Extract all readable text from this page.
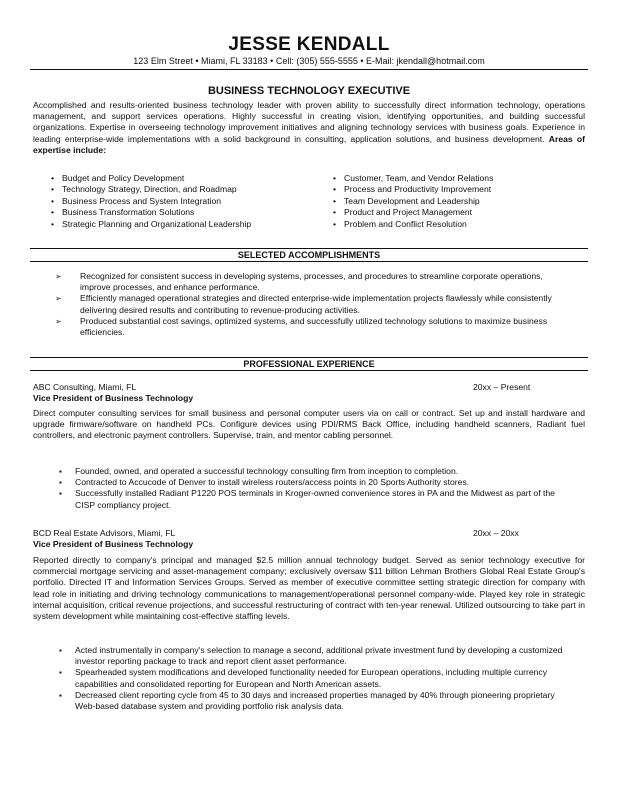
JESSE KENDALL
123 Elm Street • Miami, FL 33183 • Cell: (305) 555-5555 • E-Mail: jkendall@hotmail.com
BUSINESS TECHNOLOGY EXECUTIVE
Accomplished and results-oriented business technology leader with proven ability to successfully direct information technology, operations management, and support services operations. Highly successful in creating vision, identifying opportunities, and building successful organizations. Expertise in overseeing technology improvement initiatives and aligning technology services with business goals. Experience in leading enterprise-wide implementations with a solid background in consulting, application solutions, and business development. Areas of expertise include:
• Budget and Policy Development
• Technology Strategy, Direction, and Roadmap
• Business Process and System Integration
• Business Transformation Solutions
• Strategic Planning and Organizational Leadership
• Customer, Team, and Vendor Relations
• Process and Productivity Improvement
• Team Development and Leadership
• Product and Project Management
• Problem and Conflict Resolution
SELECTED ACCOMPLISHMENTS
➢ Recognized for consistent success in developing systems, processes, and procedures to streamline corporate operations, improve processes, and enhance performance.
➢ Efficiently managed operational strategies and directed enterprise-wide implementation projects flawlessly while consistently delivering desired results and contributing to revenue-producing activities.
➢ Produced substantial cost savings, optimized systems, and successfully utilized technology solutions to maximize business efficiencies.
PROFESSIONAL EXPERIENCE
ABC Consulting, Miami, FL	20xx – Present
Vice President of Business Technology
Direct computer consulting services for small business and personal computer users via on call or contract. Set up and install hardware and upgrade firmware/software on handheld PCs. Configure devices using PDI/RMS Back Office, including handheld scanners, Radiant fuel controllers, and electronic payment controllers. Supervise, train, and mentor cabling personnel.
▪ Founded, owned, and operated a successful technology consulting firm from inception to completion.
▪ Contracted to Accucode of Denver to install wireless routers/access points in 20 Sports Authority stores.
▪ Successfully installed Radiant P1220 POS terminals in Kroger-owned convenience stores in PA and the Midwest as part of the CISP compliancy project.
BCD Real Estate Advisors, Miami, FL	20xx – 20xx
Vice President of Business Technology
Reported directly to company's principal and managed $2.5 million annual technology budget. Served as senior technology executive for commercial mortgage servicing and asset-management company; exclusively oversaw $11 billion Lehman Brothers Global Real Estate Group's portfolio. Directed IT and Information Services Groups. Served as member of executive committee setting strategic direction for company with lead role in initiating and driving technology communications to management/operational personnel company-wide. Played key role in strategic internal acquisition, critical revenue projections, and successful restructuring of contract with ten-year renewal. Utilized outsourcing to take part in system development while maintaining cost-effective staffing levels.
▪ Acted instrumentally in company's selection to manage a second, additional private investment fund by developing a customized investor reporting package to track and report client asset performance.
▪ Spearheaded system modifications and developed functionality needed for European operations, including multiple currency capabilities and consolidated reporting for European and North American assets.
▪ Decreased client reporting cycle from 45 to 30 days and increased properties managed by 40% through pioneering proprietary Web-based database system and providing portfolio risk analysis data.
